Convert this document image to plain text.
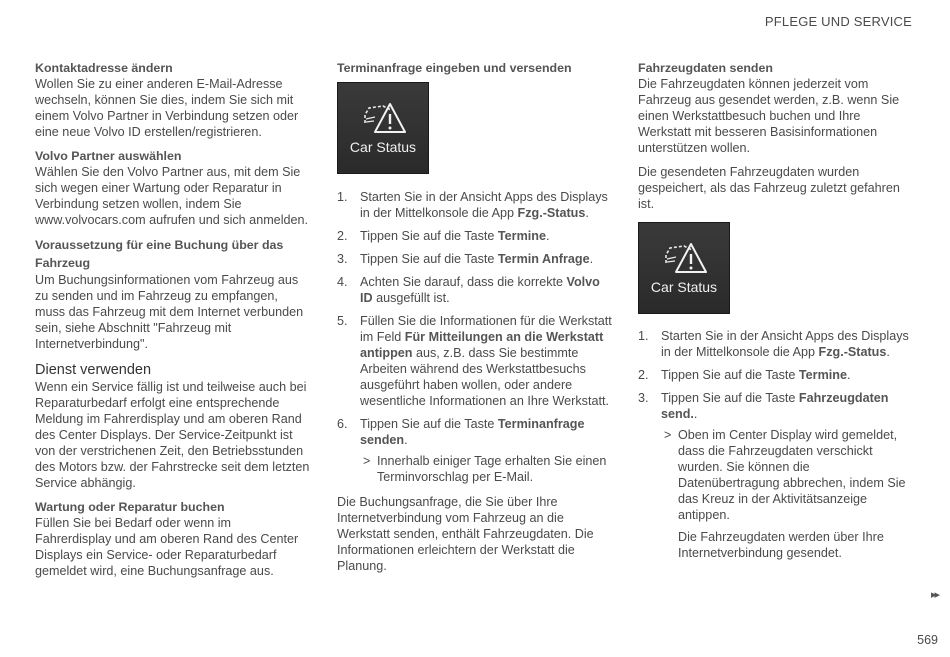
PFLEGE UND SERVICE

Kontaktadresse ändern

Wollen Sie zu einer anderen E-Mail-Adresse wechseln, können Sie dies, indem Sie sich mit einem Volvo Partner in Verbindung setzen oder eine neue Volvo ID erstellen/registrieren.

Volvo Partner auswählen

Wählen Sie den Volvo Partner aus, mit dem Sie sich wegen einer Wartung oder Reparatur in Verbindung setzen wollen, indem Sie www.volvocars.com aufrufen und sich anmelden.

Voraussetzung für eine Buchung über das Fahrzeug

Um Buchungsinformationen vom Fahrzeug aus zu senden und im Fahrzeug zu empfangen, muss das Fahrzeug mit dem Internet verbunden sein, siehe Abschnitt "Fahrzeug mit Internetverbindung".

Dienst verwenden

Wenn ein Service fällig ist und teilweise auch bei Reparaturbedarf erfolgt eine entsprechende Meldung im Fahrerdisplay und am oberen Rand des Center Displays. Der Service-Zeitpunkt ist von der verstrichenen Zeit, den Betriebsstunden des Motors bzw. der Fahrstrecke seit dem letzten Service abhängig.

Wartung oder Reparatur buchen

Füllen Sie bei Bedarf oder wenn im Fahrerdisplay und am oberen Rand des Center Displays ein Service- oder Reparaturbedarf gemeldet wird, eine Buchungsanfrage aus.

Terminanfrage eingeben und versenden

Car Status
1. Starten Sie in der Ansicht Apps des Displays in der Mittelkonsole die App Fzg.-Status.
2. Tippen Sie auf die Taste Termine.
3. Tippen Sie auf die Taste Termin Anfrage.
4. Achten Sie darauf, dass die korrekte Volvo ID ausgefüllt ist.
5. Füllen Sie die Informationen für die Werkstatt im Feld Für Mitteilungen an die Werkstatt antippen aus, z.B. dass Sie bestimmte Arbeiten während des Werkstattbesuchs ausgeführt haben wollen, oder andere wesentliche Informationen an Ihre Werkstatt.
6. Tippen Sie auf die Taste Terminanfrage senden.
> Innerhalb einiger Tage erhalten Sie einen Terminvorschlag per E-Mail.

Die Buchungsanfrage, die Sie über Ihre Internetverbindung vom Fahrzeug an die Werkstatt senden, enthält Fahrzeugdaten. Die Informationen erleichtern der Werkstatt die Planung.

Fahrzeugdaten senden

Die Fahrzeugdaten können jederzeit vom Fahrzeug aus gesendet werden, z.B. wenn Sie einen Werkstattbesuch buchen und Ihre Werkstatt mit besseren Basisinformationen unterstützen wollen.

Die gesendeten Fahrzeugdaten wurden gespeichert, als das Fahrzeug zuletzt gefahren ist.

Car Status
1. Starten Sie in der Ansicht Apps des Displays in der Mittelkonsole die App Fzg.-Status.
2. Tippen Sie auf die Taste Termine.
3. Tippen Sie auf die Taste Fahrzeugdaten send..
> Oben im Center Display wird gemeldet, dass die Fahrzeugdaten verschickt wurden. Sie können die Datenübertragung abbrechen, indem Sie das Kreuz in der Aktivitätsanzeige antippen.
Die Fahrzeugdaten werden über Ihre Internetverbindung gesendet.
▸▸
569
